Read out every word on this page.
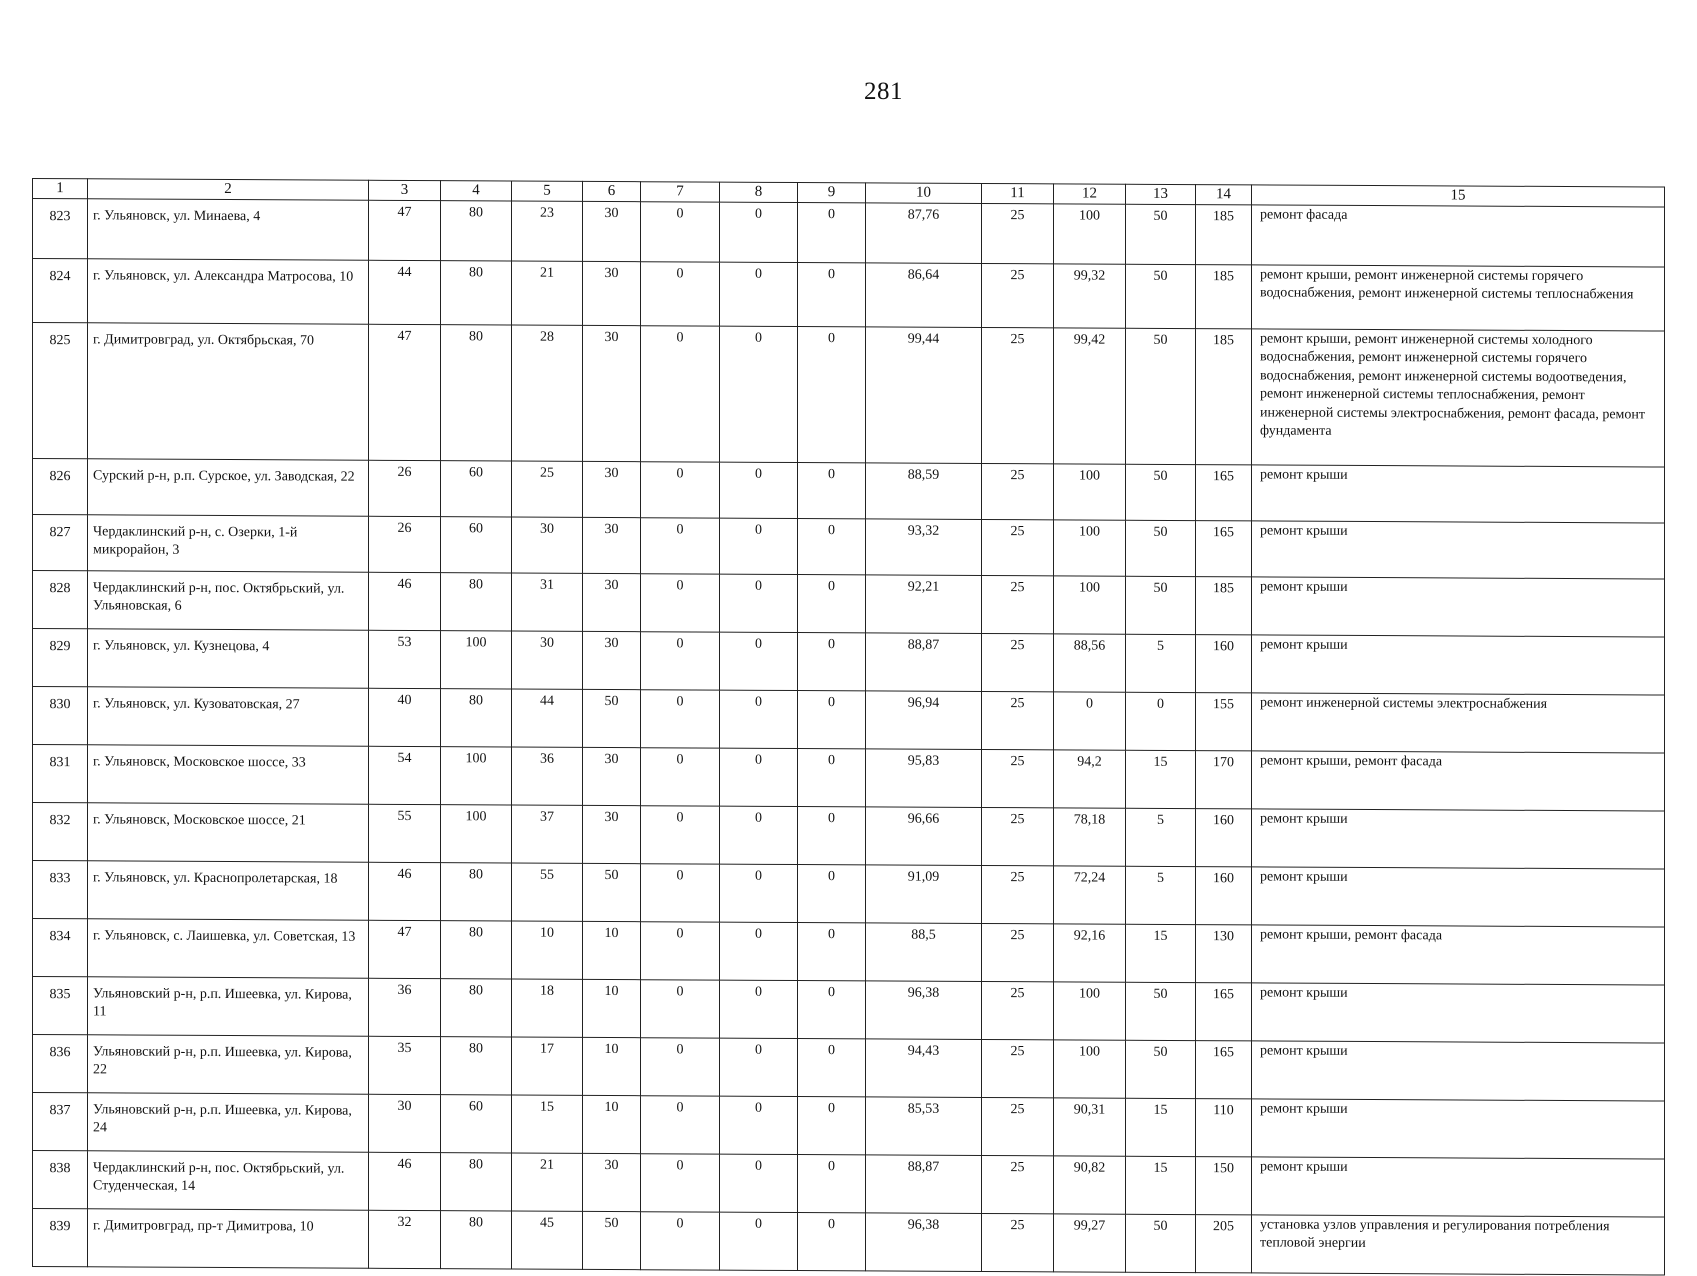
281
1	2	3	4	5	6	7	8	9	10	11	12	13	14	15
823	г. Ульяновск, ул. Минаева, 4	47	80	23	30	0	0	0	87,76	25	100	50	185	ремонт фасада
824	г. Ульяновск, ул. Александра Матросова, 10	44	80	21	30	0	0	0	86,64	25	99,32	50	185	ремонт крыши, ремонт инженерной системы горячего водоснабжения, ремонт инженерной системы теплоснабжения
825	г. Димитровград, ул. Октябрьская, 70	47	80	28	30	0	0	0	99,44	25	99,42	50	185	ремонт крыши, ремонт инженерной системы холодного водоснабжения, ремонт инженерной системы горячего водоснабжения, ремонт инженерной системы водоотведения, ремонт инженерной системы теплоснабжения, ремонт инженерной системы электроснабжения, ремонт фасада, ремонт фундамента
826	Сурский р-н, р.п. Сурское, ул. Заводская, 22	26	60	25	30	0	0	0	88,59	25	100	50	165	ремонт крыши
827	Чердаклинский р-н, с. Озерки, 1-й микрорайон, 3	26	60	30	30	0	0	0	93,32	25	100	50	165	ремонт крыши
828	Чердаклинский р-н, пос. Октябрьский, ул. Ульяновская, 6	46	80	31	30	0	0	0	92,21	25	100	50	185	ремонт крыши
829	г. Ульяновск, ул. Кузнецова, 4	53	100	30	30	0	0	0	88,87	25	88,56	5	160	ремонт крыши
830	г. Ульяновск, ул. Кузоватовская, 27	40	80	44	50	0	0	0	96,94	25	0	0	155	ремонт инженерной системы электроснабжения
831	г. Ульяновск, Московское шоссе, 33	54	100	36	30	0	0	0	95,83	25	94,2	15	170	ремонт крыши, ремонт фасада
832	г. Ульяновск, Московское шоссе, 21	55	100	37	30	0	0	0	96,66	25	78,18	5	160	ремонт крыши
833	г. Ульяновск, ул. Краснопролетарская, 18	46	80	55	50	0	0	0	91,09	25	72,24	5	160	ремонт крыши
834	г. Ульяновск, с. Лаишевка, ул. Советская, 13	47	80	10	10	0	0	0	88,5	25	92,16	15	130	ремонт крыши, ремонт фасада
835	Ульяновский р-н, р.п. Ишеевка, ул. Кирова, 11	36	80	18	10	0	0	0	96,38	25	100	50	165	ремонт крыши
836	Ульяновский р-н, р.п. Ишеевка, ул. Кирова, 22	35	80	17	10	0	0	0	94,43	25	100	50	165	ремонт крыши
837	Ульяновский р-н, р.п. Ишеевка, ул. Кирова, 24	30	60	15	10	0	0	0	85,53	25	90,31	15	110	ремонт крыши
838	Чердаклинский р-н, пос. Октябрьский, ул. Студенческая, 14	46	80	21	30	0	0	0	88,87	25	90,82	15	150	ремонт крыши
839	г. Димитровград, пр-т Димитрова, 10	32	80	45	50	0	0	0	96,38	25	99,27	50	205	установка узлов управления и регулирования потребления тепловой энергии
